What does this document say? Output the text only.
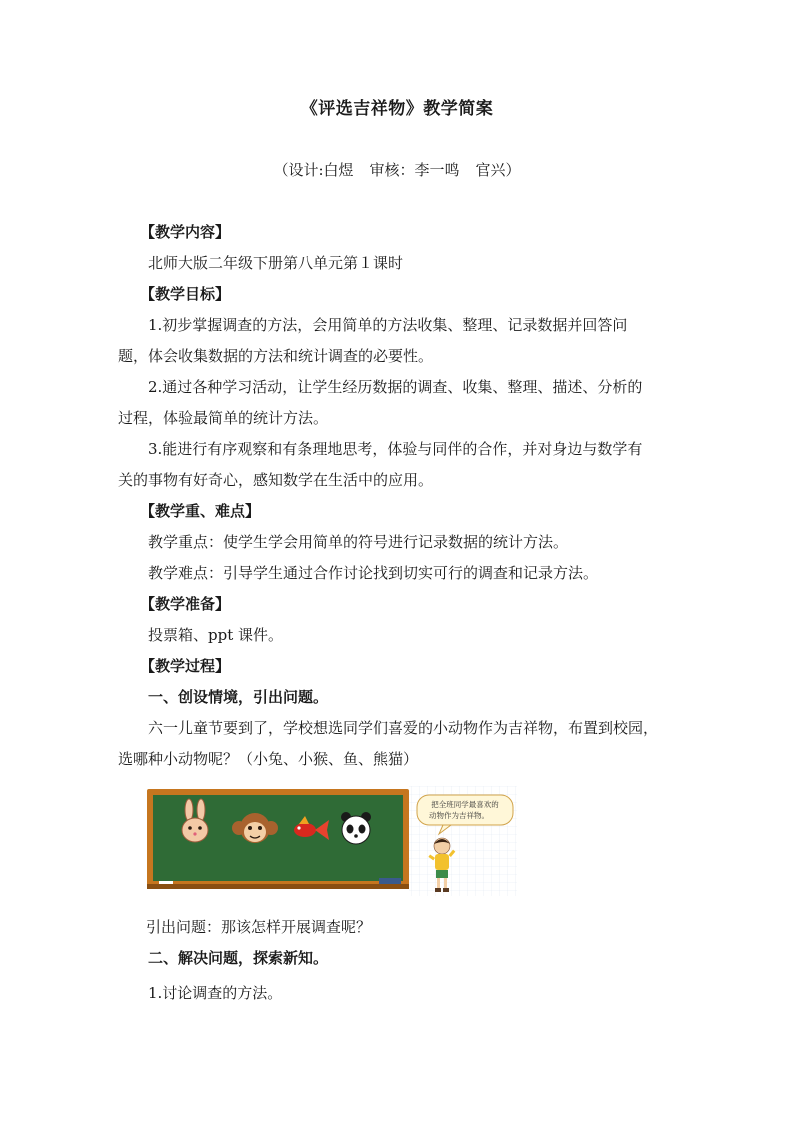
《评选吉祥物》教学简案
（设计:白煜 审核：李一鸣 官兴）
【教学内容】
北师大版二年级下册第八单元第１课时
【教学目标】
1.初步掌握调查的方法，会用简单的方法收集、整理、记录数据并回答问
题，体会收集数据的方法和统计调查的必要性。
2.通过各种学习活动，让学生经历数据的调查、收集、整理、描述、分析的
过程，体验最简单的统计方法。
3.能进行有序观察和有条理地思考，体验与同伴的合作，并对身边与数学有
关的事物有好奇心，感知数学在生活中的应用。
【教学重、难点】
教学重点：使学生学会用简单的符号进行记录数据的统计方法。
教学难点：引导学生通过合作讨论找到切实可行的调查和记录方法。
【教学准备】
投票箱、ppt 课件。
【教学过程】
一、创设情境，引出问题。
六一儿童节要到了，学校想选同学们喜爱的小动物作为吉祥物，布置到校园，
选哪种小动物呢？（小兔、小猴、鱼、熊猫）
把全班同学最喜欢的
动物作为吉祥物。
引出问题：那该怎样开展调查呢？
二、解决问题，探索新知。
1.讨论调查的方法。
